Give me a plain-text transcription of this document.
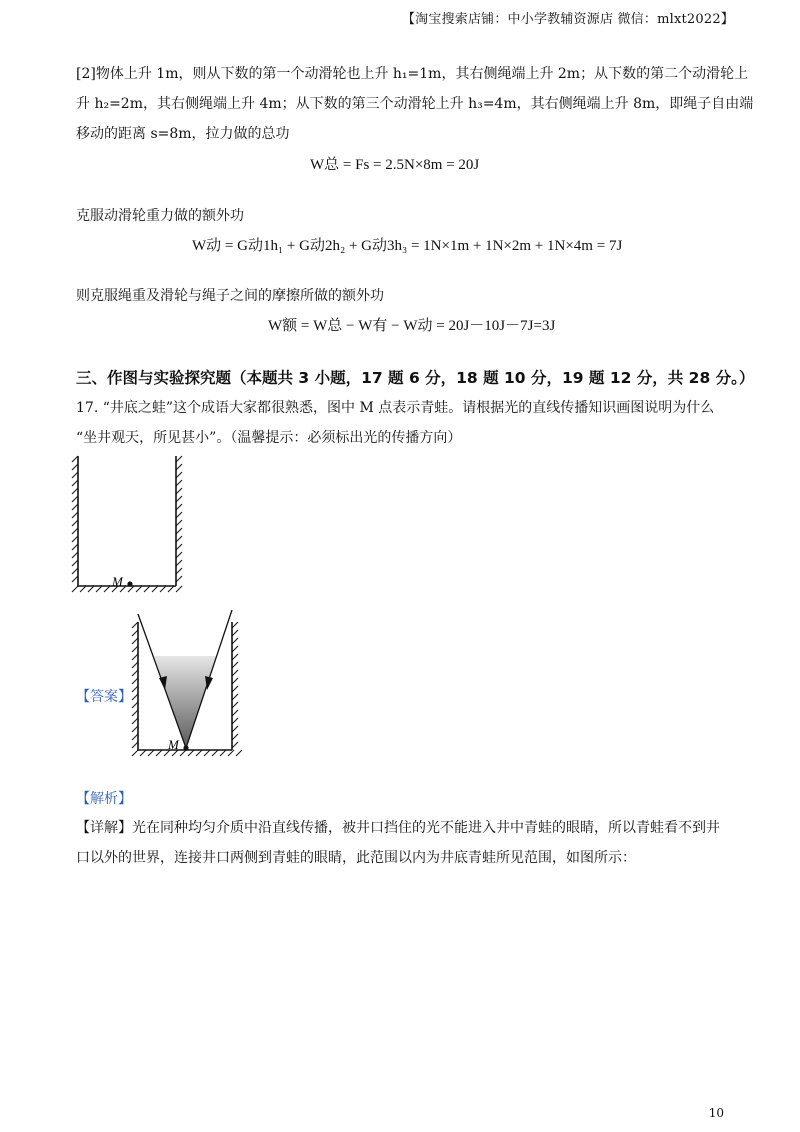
【淘宝搜索店铺：中小学教辅资源店 微信：mlxt2022】
[2]物体上升 1m，则从下数的第一个动滑轮也上升 h₁=1m，其右侧绳端上升 2m；从下数的第二个动滑轮上
升 h₂=2m，其右侧绳端上升 4m；从下数的第三个动滑轮上升 h₃=4m，其右侧绳端上升 8m，即绳子自由端
移动的距离 s=8m，拉力做的总功
W总 = Fs = 2.5N×8m = 20J
克服动滑轮重力做的额外功
W动 = G动1h₁ + G动2h₂ + G动3h₃ = 1N×1m + 1N×2m + 1N×4m = 7J
则克服绳重及滑轮与绳子之间的摩擦所做的额外功
W额 = W总 − W有 − W动 = 20J－10J－7J=3J
三、作图与实验探究题（本题共 3 小题，17 题 6 分，18 题 10 分，19 题 12 分，共 28 分。）
17. “井底之蛙”这个成语大家都很熟悉，图中 M 点表示青蛙。请根据光的直线传播知识画图说明为什么
“坐井观天，所见甚小”。（温馨提示：必须标出光的传播方向）
M
【答案】
M
【解析】
【详解】光在同种均匀介质中沿直线传播，被井口挡住的光不能进入井中青蛙的眼睛，所以青蛙看不到井
口以外的世界，连接井口两侧到青蛙的眼睛，此范围以内为井底青蛙所见范围，如图所示：
10
